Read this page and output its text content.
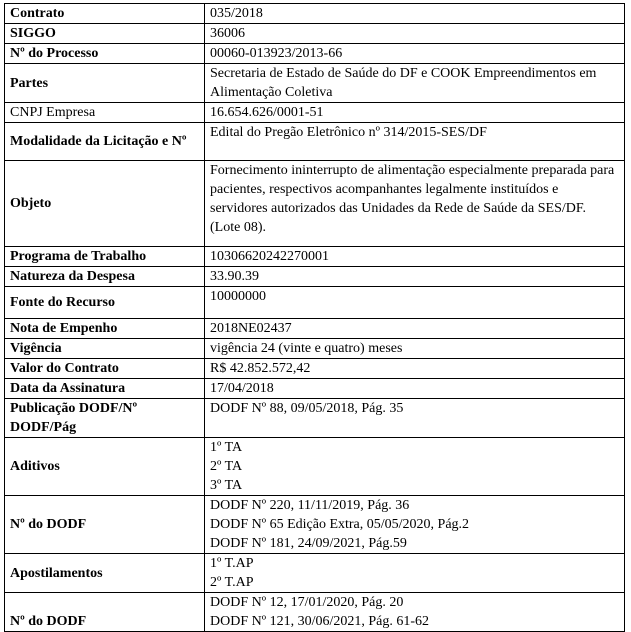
Contrato	035/2018
SIGGO	36006
Nº do Processo	00060-013923/2013-66
Partes	Secretaria de Estado de Saúde do DF e COOK Empreendimentos em Alimentação Coletiva
CNPJ Empresa	16.654.626/0001-51
Modalidade da Licitação e Nº	Edital do Pregão Eletrônico nº 314/2015-SES/DF
Objeto	Fornecimento ininterrupto de alimentação especialmente preparada para pacientes, respectivos acompanhantes legalmente instituídos e servidores autorizados das Unidades da Rede de Saúde da SES/DF. (Lote 08).
Programa de Trabalho	10306620242270001
Natureza da Despesa	33.90.39
Fonte do Recurso	10000000
Nota de Empenho	2018NE02437
Vigência	vigência 24 (vinte e quatro) meses
Valor do Contrato	R$ 42.852.572,42
Data da Assinatura	17/04/2018
Publicação DODF/Nº DODF/Pág	DODF Nº 88, 09/05/2018, Pág. 35
Aditivos	1º TA
2º TA
3º TA

Nº do DODF	DODF Nº 220, 11/11/2019, Pág. 36
DODF Nº 65 Edição Extra, 05/05/2020, Pág.2
DODF Nº 181, 24/09/2021, Pág.59

Apostilamentos	1º T.AP
2º T.AP

Nº do DODF	DODF Nº 12, 17/01/2020, Pág. 20
DODF Nº 121, 30/06/2021, Pág. 61-62
